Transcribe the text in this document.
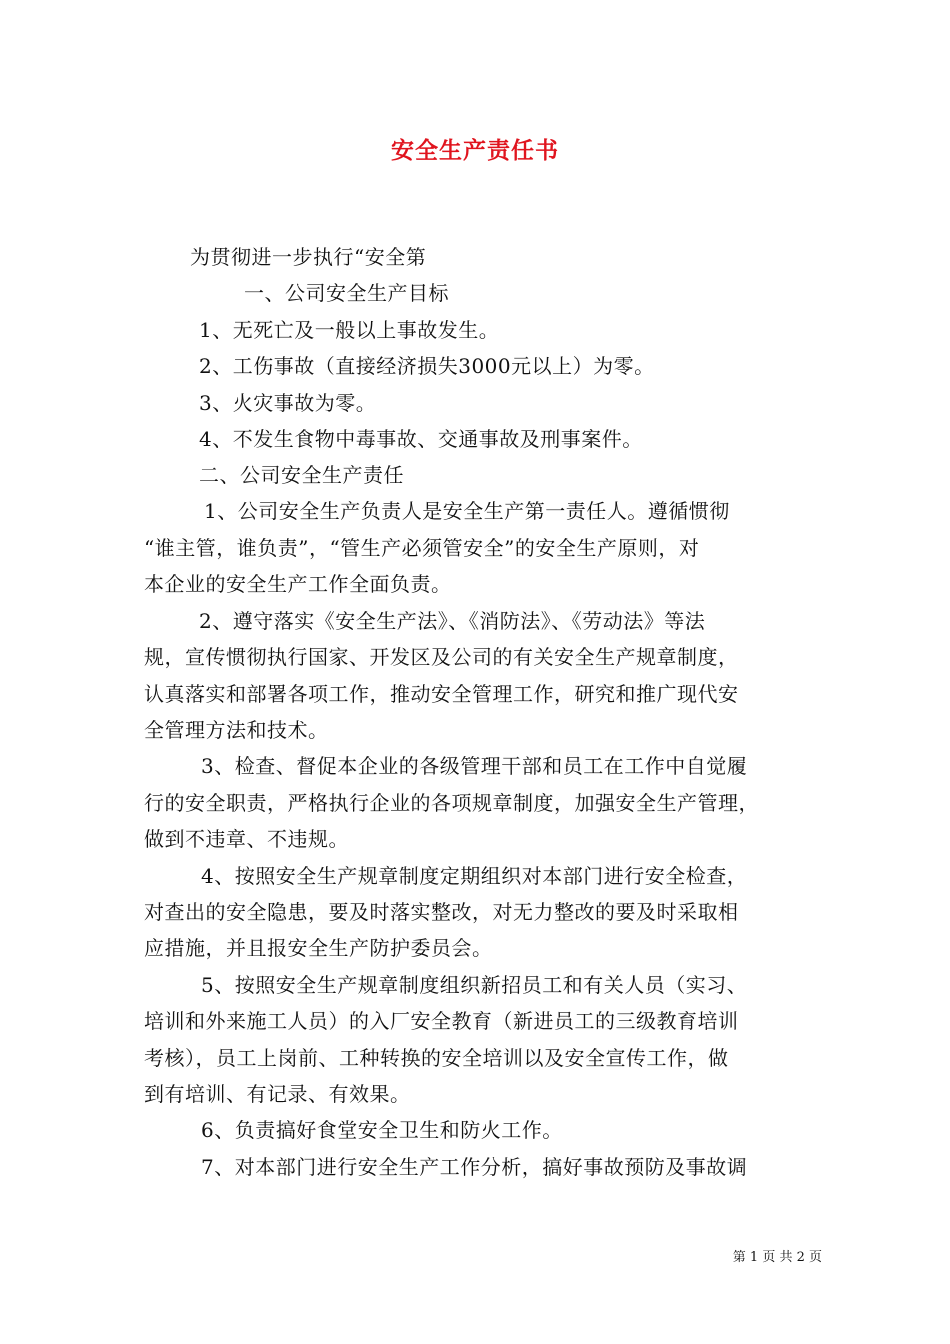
安全生产责任书
为贯彻进一步执行“安全第
一、公司安全生产目标
1、无死亡及一般以上事故发生。
2、工伤事故（直接经济损失3000元以上）为零。
3、火灾事故为零。
4、不发生食物中毒事故、交通事故及刑事案件。
二、公司安全生产责任
1、公司安全生产负责人是安全生产第一责任人。遵循惯彻
“谁主管，谁负责”，“管生产必须管安全”的安全生产原则，对
本企业的安全生产工作全面负责。
2、遵守落实《安全生产法》、《消防法》、《劳动法》等法
规，宣传惯彻执行国家、开发区及公司的有关安全生产规章制度，
认真落实和部署各项工作，推动安全管理工作，研究和推广现代安
全管理方法和技术。
3、检查、督促本企业的各级管理干部和员工在工作中自觉履
行的安全职责，严格执行企业的各项规章制度，加强安全生产管理，
做到不违章、不违规。
4、按照安全生产规章制度定期组织对本部门进行安全检查，
对查出的安全隐患，要及时落实整改，对无力整改的要及时采取相
应措施，并且报安全生产防护委员会。
5、按照安全生产规章制度组织新招员工和有关人员（实习、
培训和外来施工人员）的入厂安全教育（新进员工的三级教育培训
考核），员工上岗前、工种转换的安全培训以及安全宣传工作，做
到有培训、有记录、有效果。
6、负责搞好食堂安全卫生和防火工作。
7、对本部门进行安全生产工作分析，搞好事故预防及事故调
第 1 页 共 2 页
